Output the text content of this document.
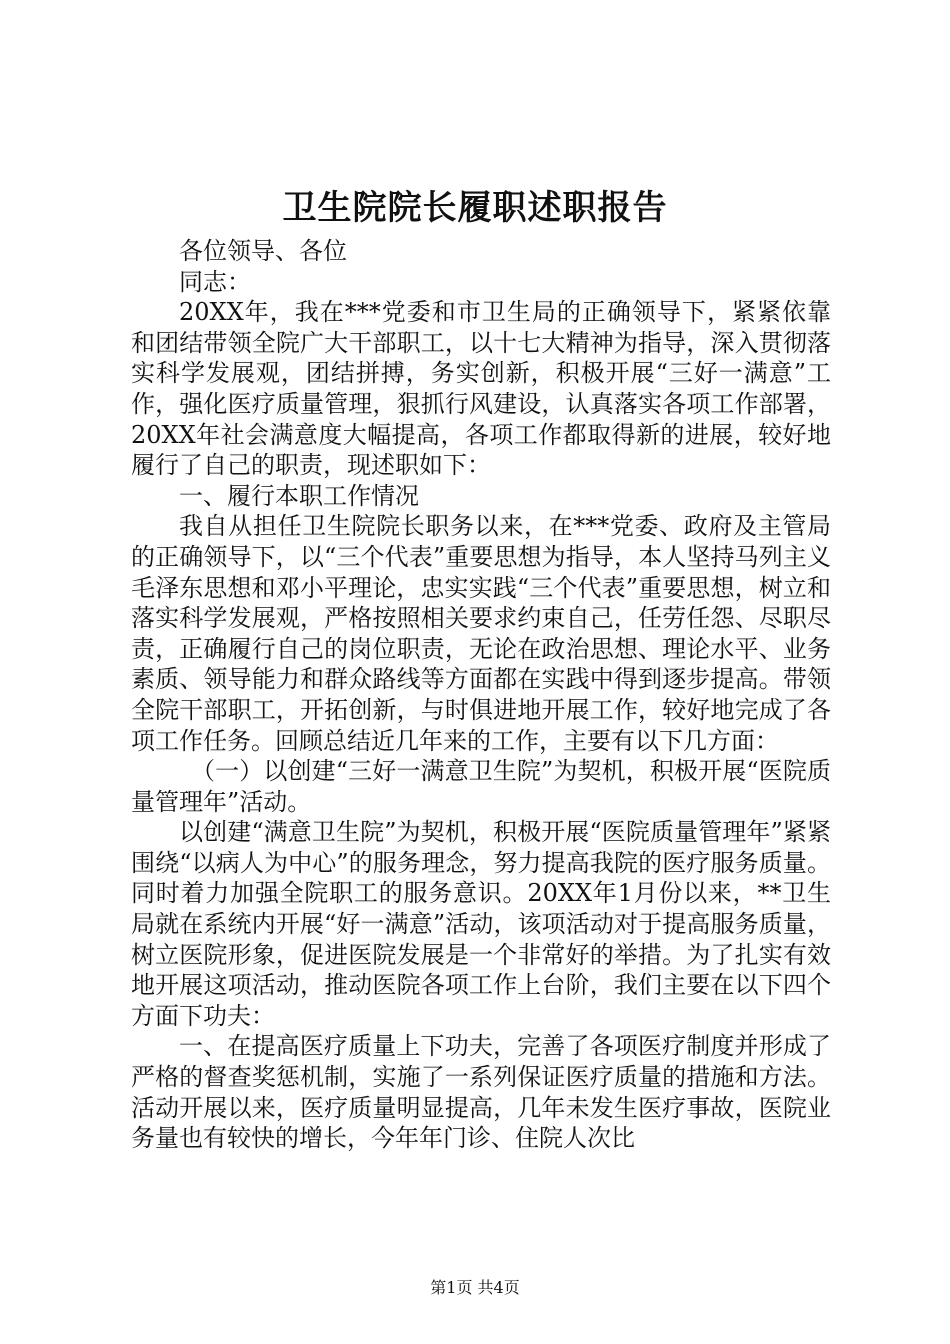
卫生院院长履职述职报告

各位领导、各位

同志：

20XX年，我在***党委和市卫生局的正确领导下，紧紧依靠和团结带领全院广大干部职工，以十七大精神为指导，深入贯彻落实科学发展观，团结拼搏，务实创新，积极开展“三好一满意”工作，强化医疗质量管理，狠抓行风建设，认真落实各项工作部署，20XX年社会满意度大幅提高，各项工作都取得新的进展，较好地履行了自己的职责，现述职如下：

一、履行本职工作情况

我自从担任卫生院院长职务以来，在***党委、政府及主管局的正确领导下，以“三个代表”重要思想为指导，本人坚持马列主义毛泽东思想和邓小平理论，忠实实践“三个代表”重要思想，树立和落实科学发展观，严格按照相关要求约束自己，任劳任怨、尽职尽责，正确履行自己的岗位职责，无论在政治思想、理论水平、业务素质、领导能力和群众路线等方面都在实践中得到逐步提高。带领全院干部职工，开拓创新，与时俱进地开展工作，较好地完成了各项工作任务。回顾总结近几年来的工作，主要有以下几方面：

（一）以创建“三好一满意卫生院”为契机，积极开展“医院质量管理年”活动。

以创建“满意卫生院”为契机，积极开展“医院质量管理年”紧紧围绕“以病人为中心”的服务理念，努力提高我院的医疗服务质量。同时着力加强全院职工的服务意识。20XX年1月份以来，**卫生局就在系统内开展“好一满意”活动，该项活动对于提高服务质量，树立医院形象，促进医院发展是一个非常好的举措。为了扎实有效地开展这项活动，推动医院各项工作上台阶，我们主要在以下四个方面下功夫：

一、在提高医疗质量上下功夫，完善了各项医疗制度并形成了严格的督查奖惩机制，实施了一系列保证医疗质量的措施和方法。活动开展以来，医疗质量明显提高，几年未发生医疗事故，医院业务量也有较快的增长，今年年门诊、住院人次比

第1页 共4页
